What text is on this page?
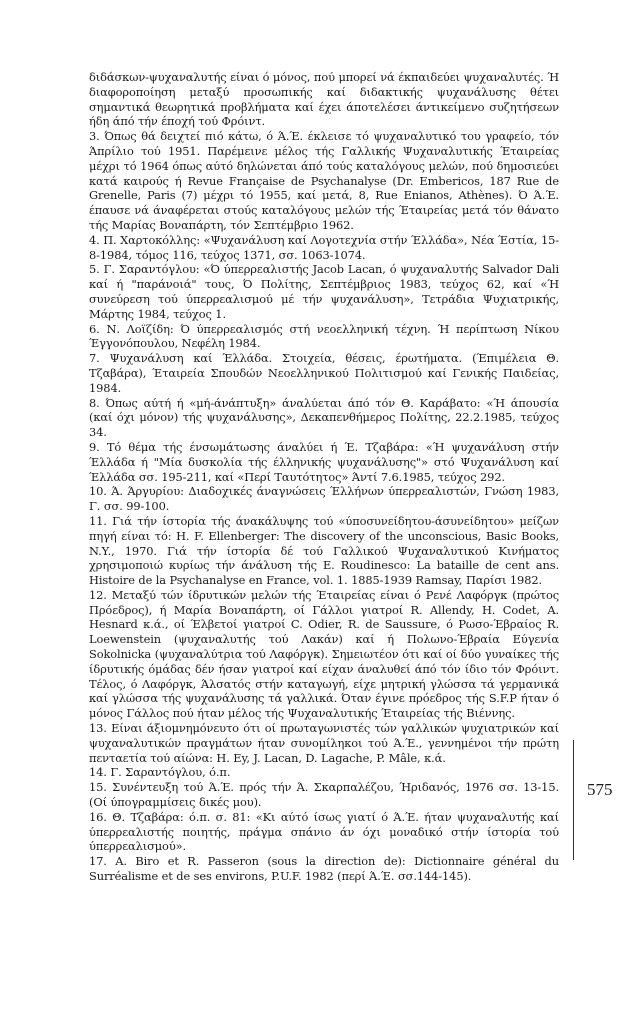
διδάσκων-ψυχαναλυτής είναι ό μόνος, πού μπορεί νά έκπαιδεύει ψυχαναλυτές. Ή διαφοροποίηση μεταξύ προσωπικής καί διδακτικής ψυχανάλυσης θέτει σημαντικά θεωρητικά προβλήματα καί έχει άποτελέσει άντικείμενο συζητήσεων ήδη άπό τήν έποχή τού Φρόιντ.

3. Όπως θά δειχτεί πιό κάτω, ό Ά.Έ. έκλεισε τό ψυχαναλυτικό του γραφείο, τόν Άπρίλιο τού 1951. Παρέμεινε μέλος τής Γαλλικής Ψυχαναλυτικής Έταιρείας μέχρι τό 1964 όπως αύτό δηλώνεται άπό τούς καταλόγους μελών, πού δημοσιεύει κατά καιρούς ή Revue Française de Psychanalyse (Dr. Embericos, 187 Rue de Grenelle, Paris (7) μέχρι τό 1955, καί μετά, 8, Rue Enianos, Athènes). Ό Ά.Έ. έπαυσε νά άναφέρεται στούς καταλόγους μελών τής Έταιρείας μετά τόν θάνατο τής Μαρίας Βοναπάρτη, τόν Σεπτέμβριο 1962.

4. Π. Χαρτοκόλλης: «Ψυχανάλυση καί Λογοτεχνία στήν Έλλάδα», Νέα Έστία, 15-8-1984, τόμος 116, τεύχος 1371, σσ. 1063-1074.

5. Γ. Σαραντόγλου: «Ό ύπερρεαλιστής Jacob Lacan, ό ψυχαναλυτής Salvador Dali καί ή "παράνοιά" τους, Ό Πολίτης, Σεπτέμβριος 1983, τεύχος 62, καί «Ή συνεύρεση τού ύπερρεαλισμού μέ τήν ψυχανάλυση», Τετράδια Ψυχιατρικής, Μάρτης 1984, τεύχος 1.

6. Ν. Λοϊζίδη: Ό ύπερρεαλισμός στή νεοελληνική τέχνη. Ή περίπτωση Νίκου Έγγονόπουλου, Νεφέλη 1984.

7. Ψυχανάλυση καί Έλλάδα. Στοιχεία, θέσεις, έρωτήματα. (Έπιμέλεια Θ. Τζαβάρα), Έταιρεία Σπουδών Νεοελληνικού Πολιτισμού καί Γενικής Παιδείας, 1984.

8. Όπως αύτή ή «μή-άνάπτυξη» άναλύεται άπό τόν Θ. Καράβατο: «Ή άπουσία (καί όχι μόνον) τής ψυχανάλυσης», Δεκαπενθήμερος Πολίτης, 22.2.1985, τεύχος 34.

9. Τό θέμα τής ένσωμάτωσης άναλύει ή Έ. Τζαβάρα: «Ή ψυχανάλυση στήν Έλλάδα ή "Μία δυσκολία τής έλληνικής ψυχανάλυσης"» στό Ψυχανάλυση καί Έλλάδα σσ. 195-211, καί «Περί Ταυτότητος» Άντί 7.6.1985, τεύχος 292.

10. Ά. Άργυρίου: Διαδοχικές άναγνώσεις Έλλήνων ύπερρεαλιστών, Γνώση 1983, Γ. σσ. 99-100.

11. Γιά τήν ίστορία τής άνακάλυψης τού «ύποσυνείδητου-άσυνείδητου» μείζων πηγή είναι τό: H. F. Ellenberger: The discovery of the unconscious, Basic Books, N.Y., 1970. Γιά τήν ίστορία δέ τού Γαλλικού Ψυχαναλυτικού Κινήματος χρησιμοποιώ κυρίως τήν άνάλυση τής E. Roudinesco: La bataille de cent ans. Histoire de la Psychanalyse en France, vol. 1. 1885-1939 Ramsay, Παρίσι 1982.

12. Μεταξύ τών ίδρυτικών μελών τής Έταιρείας είναι ό Ρενέ Λαφόργκ (πρώτος Πρόεδρος), ή Μαρία Βοναπάρτη, οί Γάλλοι γιατροί R. Allendy, H. Codet, A. Hesnard κ.ά., οί Έλβετοί γιατροί C. Odier, R. de Saussure, ό Ρωσο-Έβραίος R. Loewenstein (ψυχαναλυτής τού Λακάν) καί ή Πολωνο-Έβραία Εύγενία Sokolnicka (ψυχαναλύτρια τού Λαφόργκ). Σημειωτέον ότι καί οί δύο γυναίκες τής ίδρυτικής όμάδας δέν ήσαν γιατροί καί είχαν άναλυθεί άπό τόν ίδιο τόν Φρόιντ. Τέλος, ό Λαφόργκ, Άλσατός στήν καταγωγή, είχε μητρική γλώσσα τά γερμανικά καί γλώσσα τής ψυχανάλυσης τά γαλλικά. Όταν έγινε πρόεδρος τής S.F.P ήταν ό μόνος Γάλλος πού ήταν μέλος τής Ψυχαναλυτικής Έταιρείας τής Βιέννης.

13. Είναι άξιομνημόνευτο ότι οί πρωταγωνιστές τών γαλλικών ψυχιατρικών καί ψυχαναλυτικών πραγμάτων ήταν συνομίληκοι τού Ά.Έ., γεννημένοι τήν πρώτη πενταετία τού αίώνα: H. Ey, J. Lacan, D. Lagache, P. Mâle, κ.ά.

14. Γ. Σαραντόγλου, ό.π.

15. Συνέντευξη τού Ά.Έ. πρός τήν Ά. Σκαρπαλέζου, Ήριδανός, 1976 σσ. 13-15. (Οί ύπογραμμίσεις δικές μου).

16. Θ. Τζαβάρα: ό.π. σ. 81: «Κι αύτό ίσως γιατί ό Ά.Έ. ήταν ψυχαναλυτής καί ύπερρεαλιστής ποιητής, πράγμα σπάνιο άν όχι μοναδικό στήν ίστορία τού ύπερρεαλισμού».

17. A. Biro et R. Passeron (sous la direction de): Dictionnaire général du Surréalisme et de ses environs, P.U.F. 1982 (περί Ά.Έ. σσ.144-145).

575
